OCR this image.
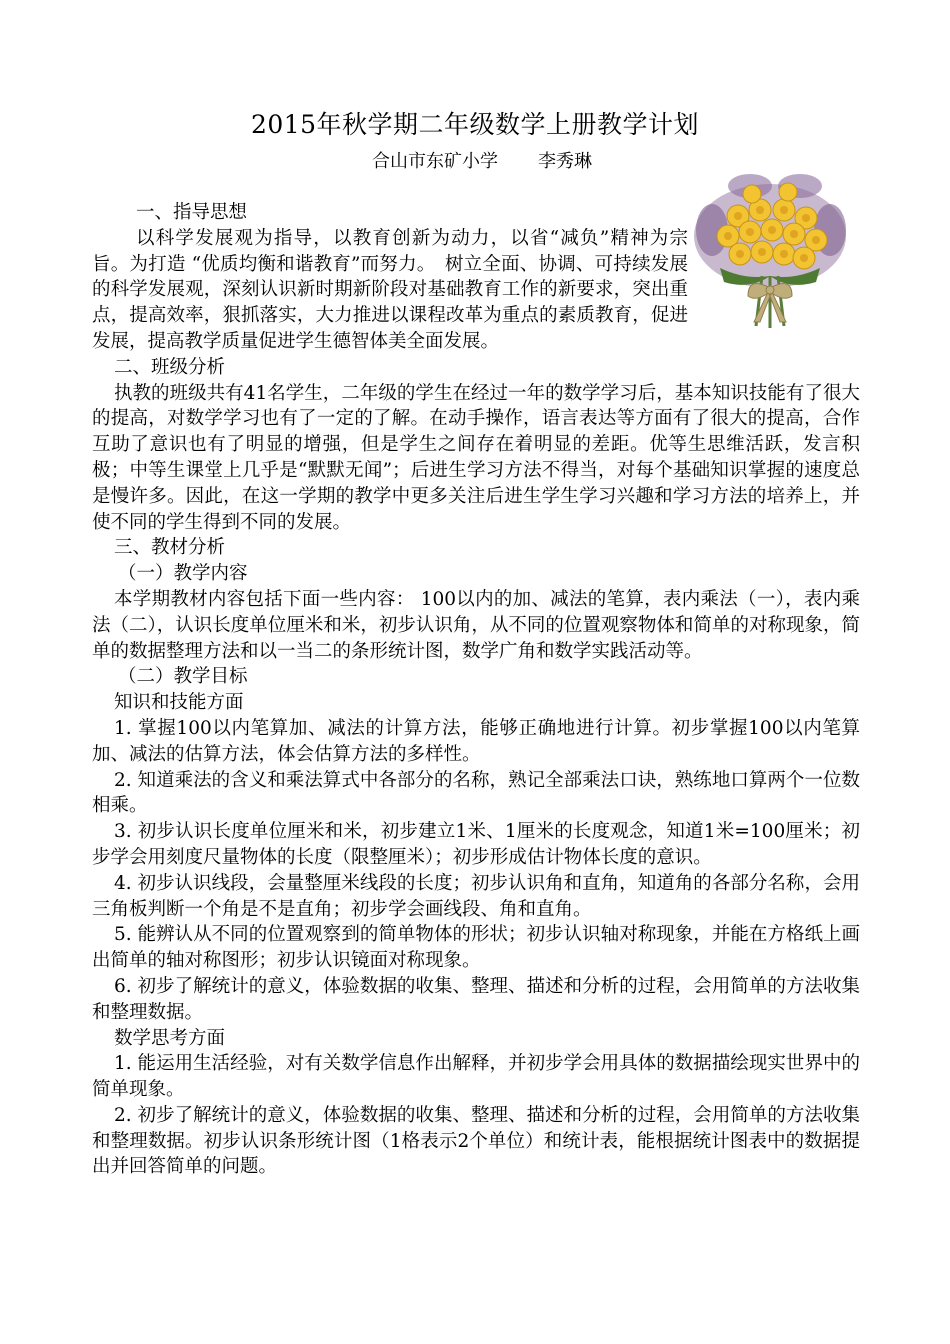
2015年秋学期二年级数学上册教学计划
合山市东矿小学       李秀琳

一、指导思想

以科学发展观为指导，以教育创新为动力，以省“减负”精神为宗旨。为打造 “优质均衡和谐教育”而努力。　树立全面、协调、可持续发展的科学发展观，深刻认识新时期新阶段对基础教育工作的新要求，突出重点，提高效率，狠抓落实，大力推进以课程改革为重点的素质教育，促进发展，提高教学质量促进学生德智体美全面发展。

二、班级分析

执教的班级共有41名学生，二年级的学生在经过一年的数学学习后，基本知识技能有了很大的提高，对数学学习也有了一定的了解。在动手操作，语言表达等方面有了很大的提高，合作互助了意识也有了明显的增强，但是学生之间存在着明显的差距。优等生思维活跃，发言积极；中等生课堂上几乎是“默默无闻”；后进生学习方法不得当，对每个基础知识掌握的速度总是慢许多。因此，在这一学期的教学中更多关注后进生学生学习兴趣和学习方法的培养上，并使不同的学生得到不同的发展。

三、教材分析

（一）教学内容

本学期教材内容包括下面一些内容： 100以内的加、减法的笔算，表内乘法（一），表内乘法（二），认识长度单位厘米和米，初步认识角，从不同的位置观察物体和简单的对称现象，简单的数据整理方法和以一当二的条形统计图，数学广角和数学实践活动等。

（二）教学目标

知识和技能方面

1. 掌握100以内笔算加、减法的计算方法，能够正确地进行计算。初步掌握100以内笔算加、减法的估算方法，体会估算方法的多样性。

2. 知道乘法的含义和乘法算式中各部分的名称，熟记全部乘法口诀，熟练地口算两个一位数相乘。

3. 初步认识长度单位厘米和米，初步建立1米、1厘米的长度观念，知道1米=100厘米；初步学会用刻度尺量物体的长度（限整厘米）；初步形成估计物体长度的意识。

4. 初步认识线段，会量整厘米线段的长度；初步认识角和直角，知道角的各部分名称，会用三角板判断一个角是不是直角；初步学会画线段、角和直角。

5. 能辨认从不同的位置观察到的简单物体的形状；初步认识轴对称现象，并能在方格纸上画出简单的轴对称图形；初步认识镜面对称现象。

6. 初步了解统计的意义，体验数据的收集、整理、描述和分析的过程，会用简单的方法收集和整理数据。

数学思考方面

1. 能运用生活经验，对有关数学信息作出解释，并初步学会用具体的数据描绘现实世界中的简单现象。

2. 初步了解统计的意义，体验数据的收集、整理、描述和分析的过程，会用简单的方法收集和整理数据。初步认识条形统计图（1格表示2个单位）和统计表，能根据统计图表中的数据提出并回答简单的问题。
